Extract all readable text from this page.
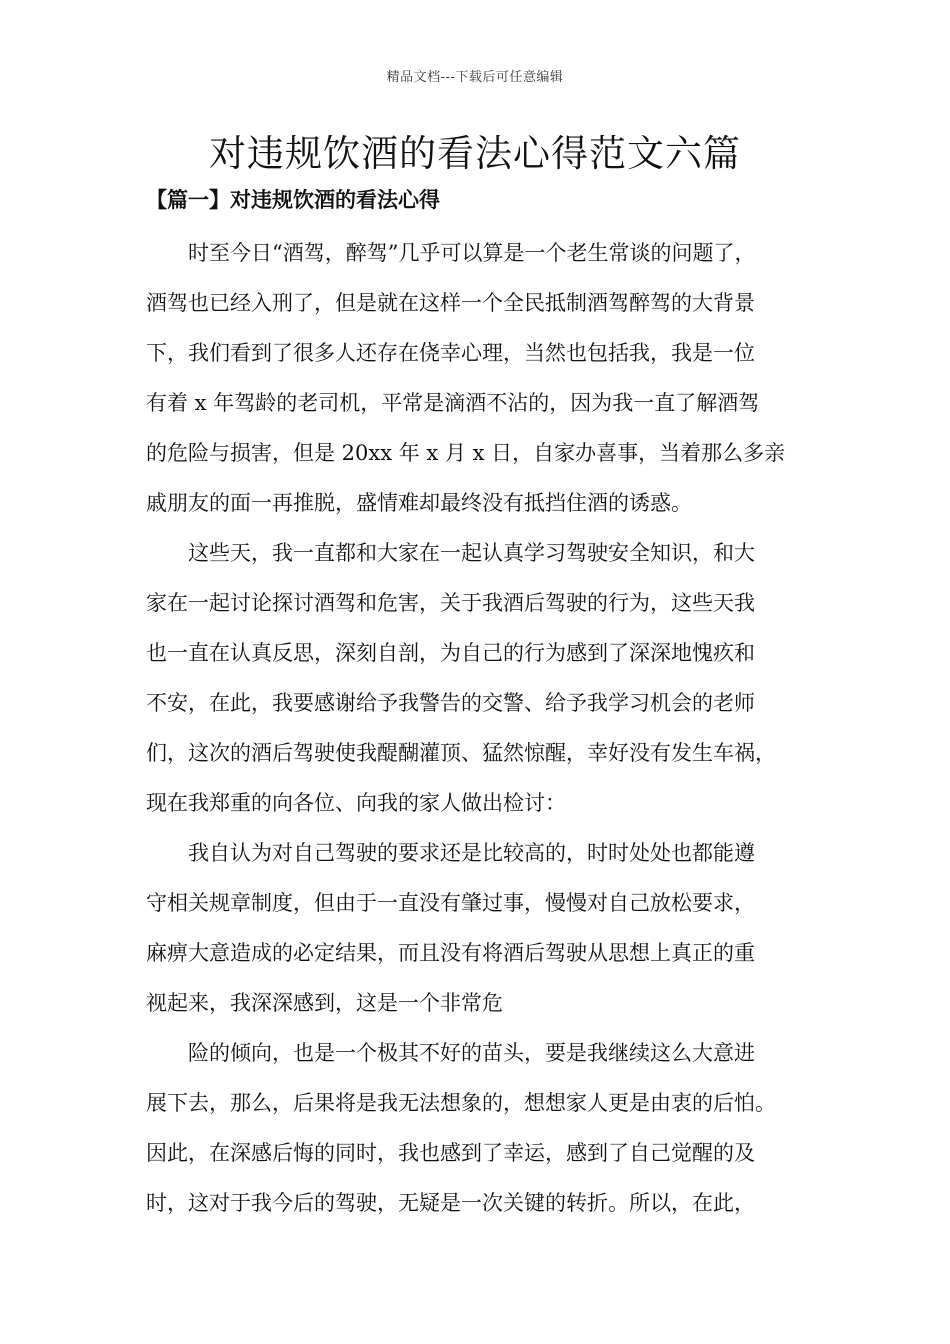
精品文档---下载后可任意编辑
对违规饮酒的看法心得范文六篇
【篇一】对违规饮酒的看法心得

时至今日“酒驾，醉驾”几乎可以算是一个老生常谈的问题了，
酒驾也已经入刑了，但是就在这样一个全民抵制酒驾醉驾的大背景
下，我们看到了很多人还存在侥幸心理，当然也包括我，我是一位
有着 x 年驾龄的老司机，平常是滴酒不沾的，因为我一直了解酒驾
的危险与损害，但是 20xx 年 x 月 x 日，自家办喜事，当着那么多亲
戚朋友的面一再推脱，盛情难却最终没有抵挡住酒的诱惑。

这些天，我一直都和大家在一起认真学习驾驶安全知识，和大
家在一起讨论探讨酒驾和危害，关于我酒后驾驶的行为，这些天我
也一直在认真反思，深刻自剖，为自己的行为感到了深深地愧疚和
不安，在此，我要感谢给予我警告的交警、给予我学习机会的老师
们，这次的酒后驾驶使我醍醐灌顶、猛然惊醒，幸好没有发生车祸，
现在我郑重的向各位、向我的家人做出检讨：

我自认为对自己驾驶的要求还是比较高的，时时处处也都能遵
守相关规章制度，但由于一直没有肇过事，慢慢对自己放松要求，
麻痹大意造成的必定结果，而且没有将酒后驾驶从思想上真正的重
视起来，我深深感到，这是一个非常危

险的倾向，也是一个极其不好的苗头，要是我继续这么大意进
展下去，那么，后果将是我无法想象的，想想家人更是由衷的后怕。
因此，在深感后悔的同时，我也感到了幸运，感到了自己觉醒的及
时，这对于我今后的驾驶，无疑是一次关键的转折。所以，在此，
